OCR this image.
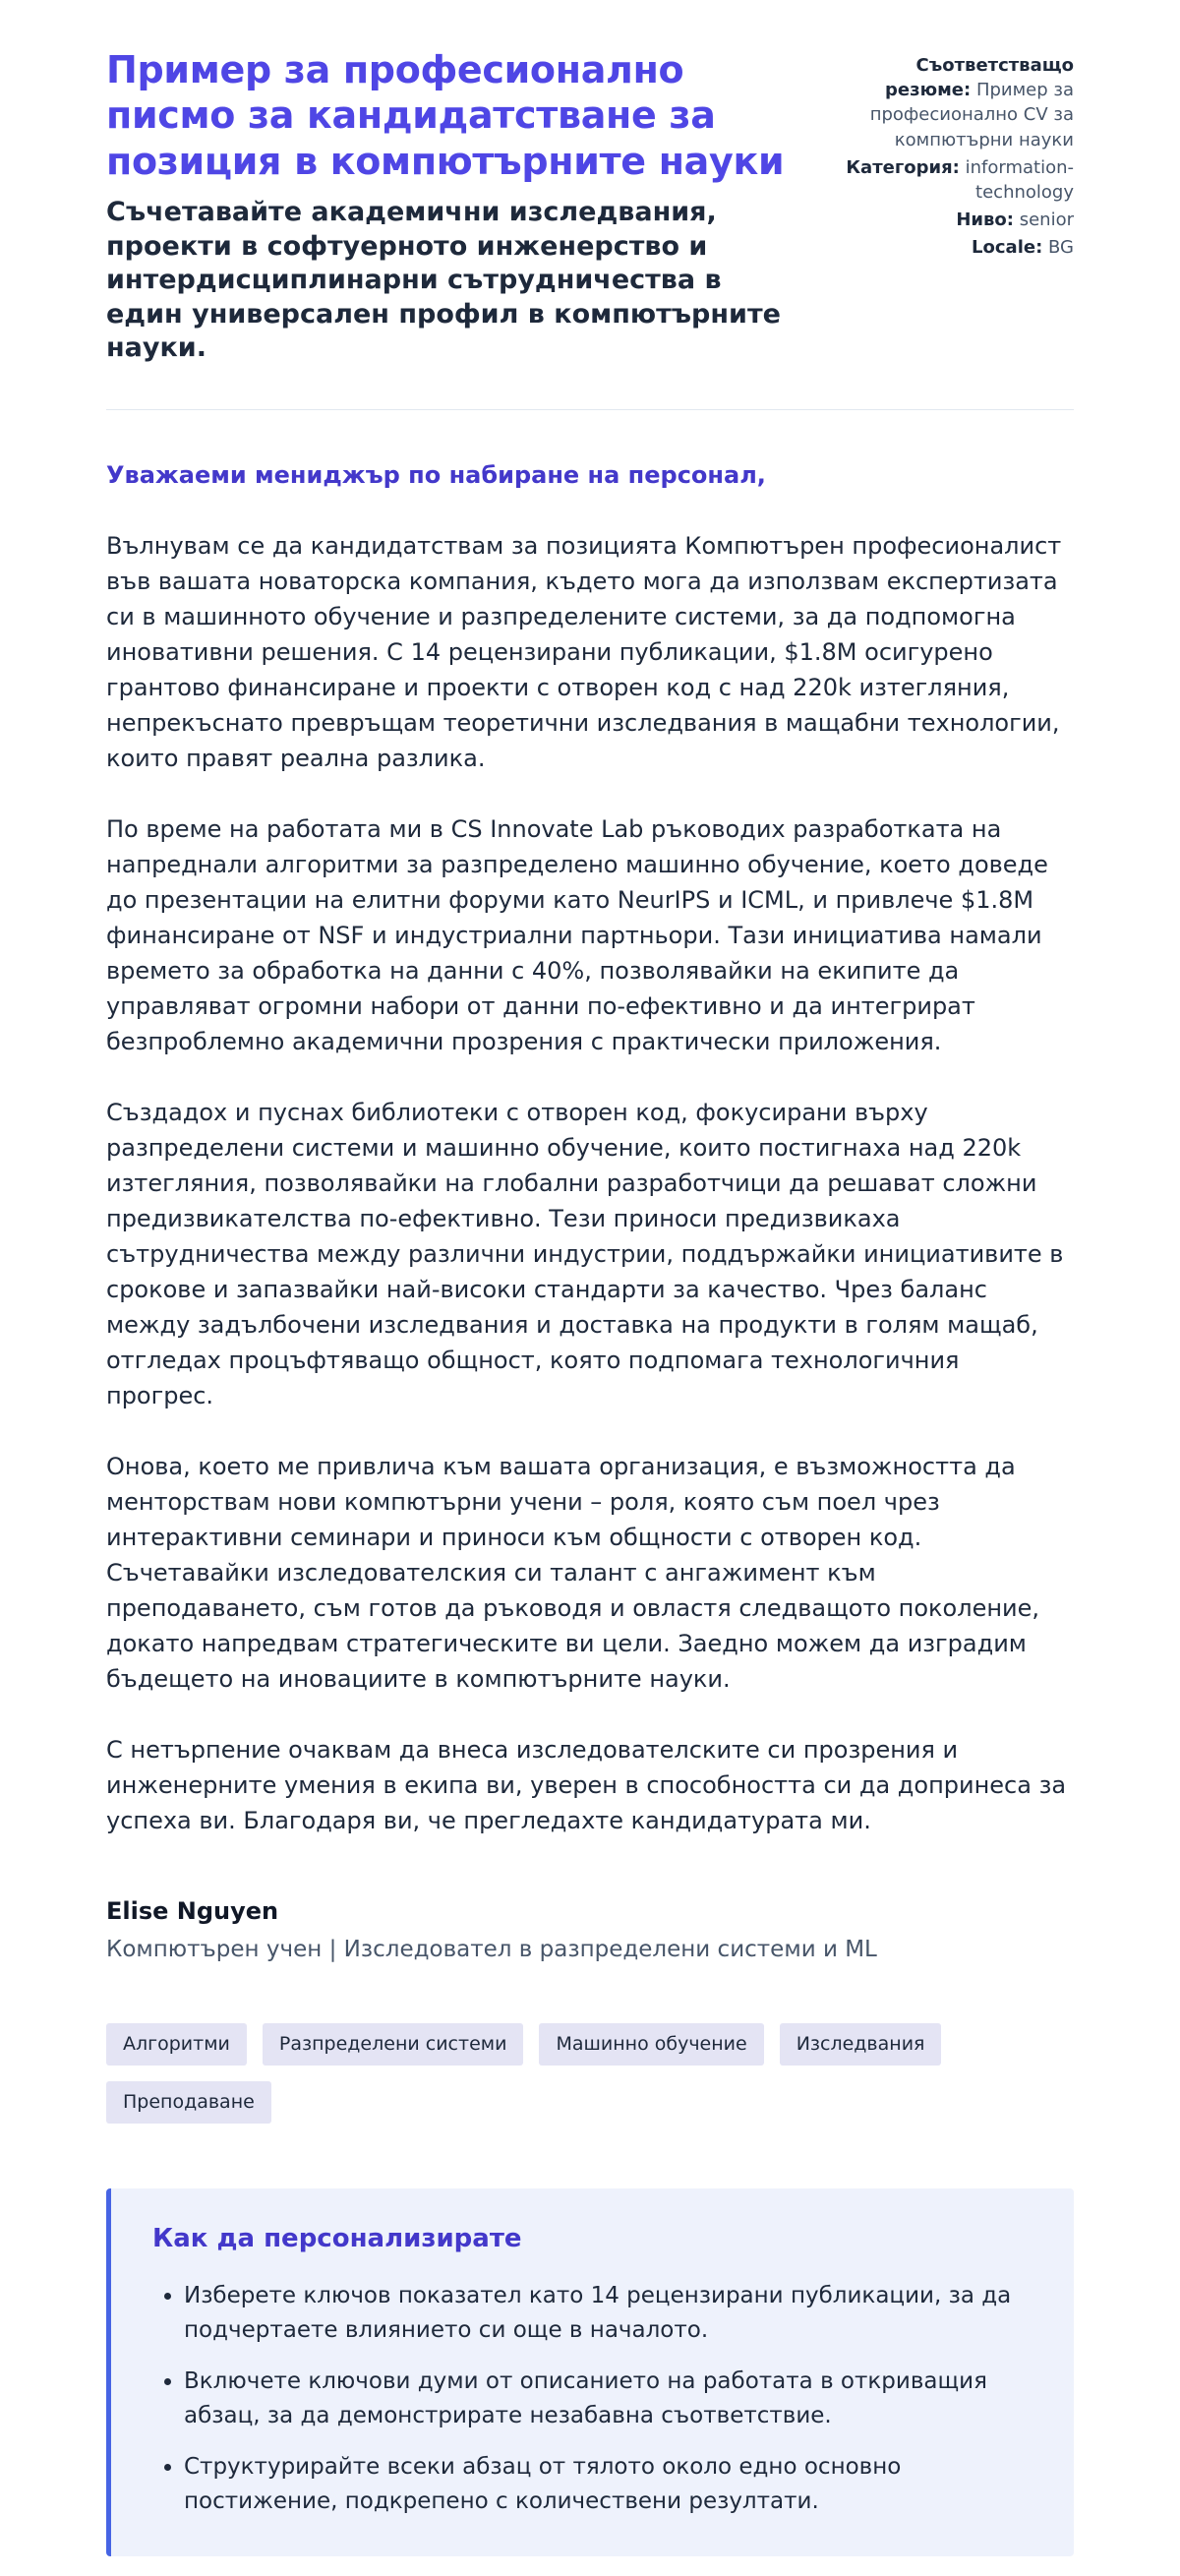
Пример за професионално писмо за кандидатстване за позиция в компютърните науки

Съчетавайте академични изследвания, проекти в софтуерното инженерство и интердисциплинарни сътрудничества в един универсален профил в компютърните науки.

Съответстващо резюме: Пример за професионално CV за компютърни науки
Категория: information-technology
Ниво: senior
Locale: BG

Уважаеми мениджър по набиране на персонал,

Вълнувам се да кандидатствам за позицията Компютърен професионалист във вашата новаторска компания, където мога да използвам експертизата си в машинното обучение и разпределените системи, за да подпомогна иновативни решения. С 14 рецензирани публикации, $1.8M осигурено грантово финансиране и проекти с отворен код с над 220k изтегляния, непрекъснато превръщам теоретични изследвания в мащабни технологии, които правят реална разлика.

По време на работата ми в CS Innovate Lab ръководих разработката на напреднали алгоритми за разпределено машинно обучение, което доведе до презентации на елитни форуми като NeurIPS и ICML, и привлече $1.8M финансиране от NSF и индустриални партньори. Тази инициатива намали времето за обработка на данни с 40%, позволявайки на екипите да управляват огромни набори от данни по-ефективно и да интегрират безпроблемно академични прозрения с практически приложения.

Създадох и пуснах библиотеки с отворен код, фокусирани върху разпределени системи и машинно обучение, които постигнаха над 220k изтегляния, позволявайки на глобални разработчици да решават сложни предизвикателства по-ефективно. Тези приноси предизвикаха сътрудничества между различни индустрии, поддържайки инициативите в срокове и запазвайки най-високи стандарти за качество. Чрез баланс между задълбочени изследвания и доставка на продукти в голям мащаб, отгледах процъфтяващо общност, която подпомага технологичния прогрес.

Онова, което ме привлича към вашата организация, е възможността да менторствам нови компютърни учени – роля, която съм поел чрез интерактивни семинари и приноси към общности с отворен код. Съчетавайки изследователския си талант с ангажимент към преподаването, съм готов да ръководя и овластя следващото поколение, докато напредвам стратегическите ви цели. Заедно можем да изградим бъдещето на иновациите в компютърните науки.

С нетърпение очаквам да внеса изследователските си прозрения и инженерните умения в екипа ви, уверен в способността си да допринеса за успеха ви. Благодаря ви, че прегледахте кандидатурата ми.

Elise Nguyen

Компютърен учен | Изследовател в разпределени системи и ML

Алгоритми	Разпределени системи	Машинно обучение	Изследвания
Преподаване
Как да персонализирате
• Изберете ключов показател като 14 рецензирани публикации, за да подчертаете влиянието си още в началото.
• Включете ключови думи от описанието на работата в откриващия абзац, за да демонстрирате незабавна съответствие.
• Структурирайте всеки абзац от тялото около едно основно постижение, подкрепено с количествени резултати.
